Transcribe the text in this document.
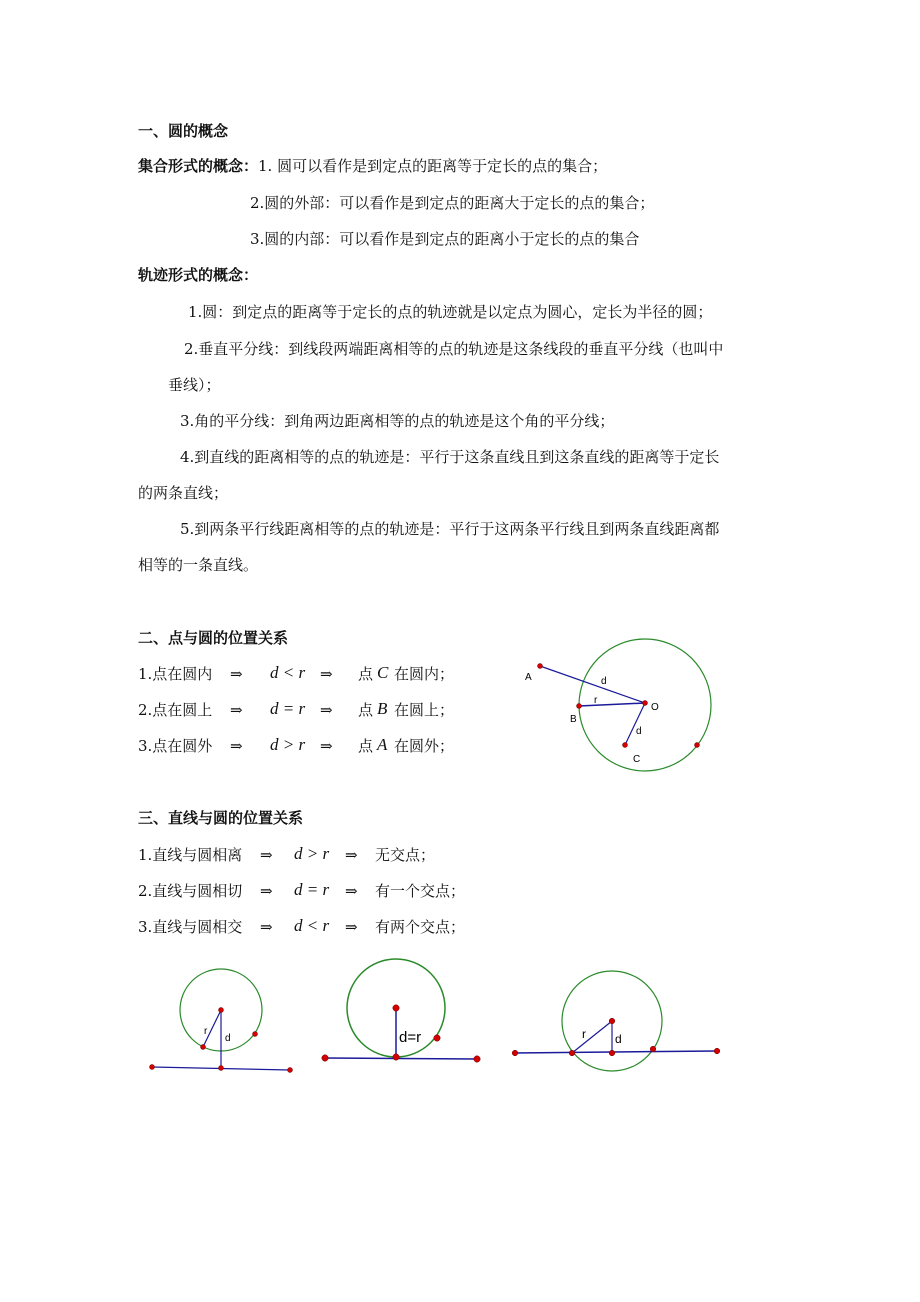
一、圆的概念
集合形式的概念： 1. 圆可以看作是到定点的距离等于定长的点的集合；
2.圆的外部：可以看作是到定点的距离大于定长的点的集合；
3.圆的内部：可以看作是到定点的距离小于定长的点的集合
轨迹形式的概念：
1.圆：到定点的距离等于定长的点的轨迹就是以定点为圆心，定长为半径的圆；
2.垂直平分线：到线段两端距离相等的点的轨迹是这条线段的垂直平分线（也叫中
垂线）；
3.角的平分线：到角两边距离相等的点的轨迹是这个角的平分线；
4.到直线的距离相等的点的轨迹是：平行于这条直线且到这条直线的距离等于定长
的两条直线；
5.到两条平行线距离相等的点的轨迹是：平行于这两条平行线且到两条直线距离都
相等的一条直线。
二、点与圆的位置关系
1.点在圆内 ⇒ d < r ⇒ 点 C 在圆内；
2.点在圆上 ⇒ d = r ⇒ 点 B 在圆上；
3.点在圆外 ⇒ d > r ⇒ 点 A 在圆外；
三、直线与圆的位置关系
1.直线与圆相离 ⇒ d > r ⇒ 无交点；
2.直线与圆相切 ⇒ d = r ⇒ 有一个交点；
3.直线与圆相交 ⇒ d < r ⇒ 有两个交点；
A	d
r
O
B
d
C
r
d	d=r	r d
